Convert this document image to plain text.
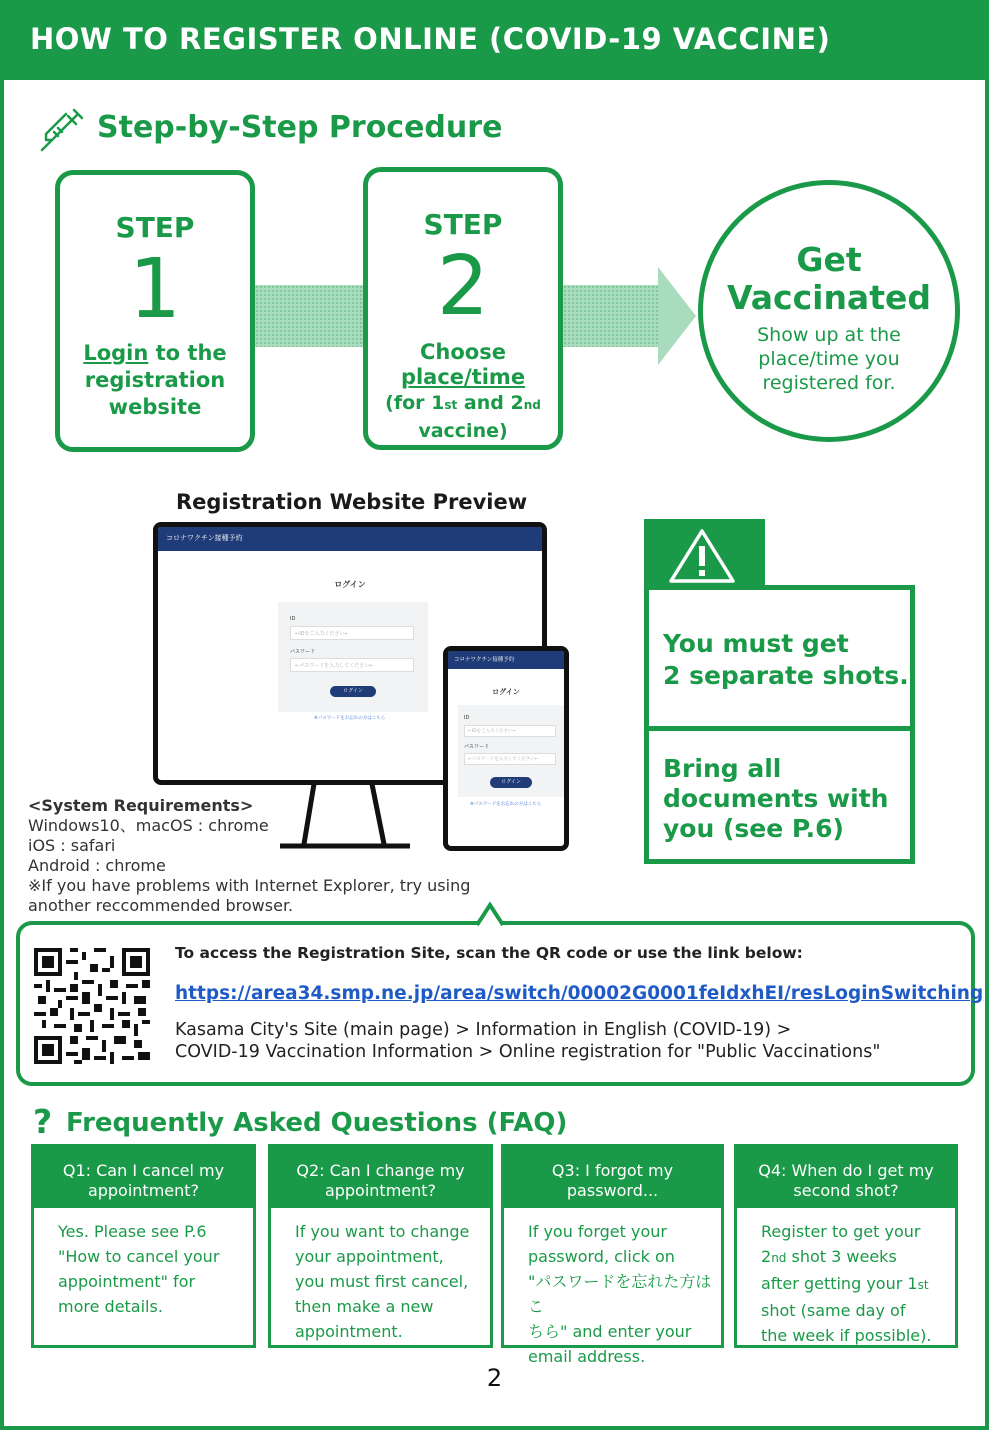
HOW TO REGISTER ONLINE (COVID-19 VACCINE)
Step-by-Step Procedure
STEP
1
Login to the
registration
website
STEP
2
Choose
place/time
(for 1st and 2nd
vaccine)
Get
Vaccinated
Show up at the
place/time you
registered for.
Registration Website Preview
コロナワクチン接種予約
ログイン
ID
←IDをご入力ください←
パスワード
←パスワードを入力してください←
ログイン
※パスワードをお忘れの方はこちら
コロナワクチン接種予約
ログイン
ID
←IDをご入力ください←
パスワード
←パスワードを入力してください←
ログイン
※パスワードをお忘れの方はこちら
<System Requirements>
Windows10、macOS : chrome
iOS : safari
Android : chrome
※If you have problems with Internet Explorer, try using
another reccommended browser.
You must get
2 separate shots.
Bring all
documents with
you (see P.6)
To access the Registration Site, scan the QR code or use the link below:
https://area34.smp.ne.jp/area/switch/00002G0001feIdxhEI/resLoginSwitching
Kasama City's Site (main page) > Information in English (COVID-19) >
COVID-19 Vaccination Information > Online registration for "Public Vaccinations"
? Frequently Asked Questions (FAQ)
Q1: Can I cancel my
appointment?
Yes. Please see P.6
"How to cancel your
appointment" for
more details.
Q2: Can I change my
appointment?
If you want to change
your appointment,
you must first cancel,
then make a new
appointment.
Q3: I forgot my
password...
If you forget your
password, click on
"パスワードを忘れた方はこ
ちら" and enter your
email address.
Q4: When do I get my
second shot?
Register to get your
2nd shot 3 weeks
after getting your 1st
shot (same day of
the week if possible).
2
